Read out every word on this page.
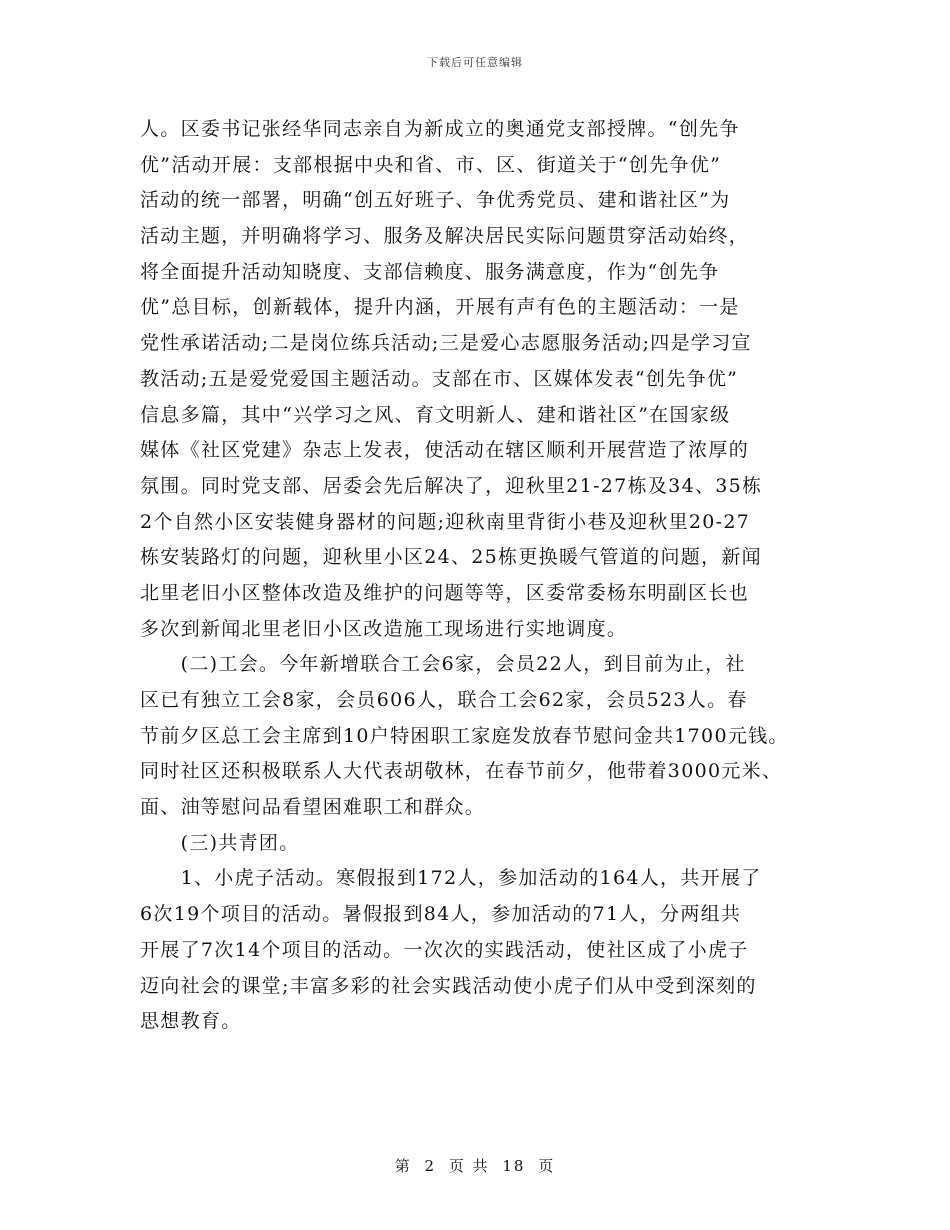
下载后可任意编辑
人。区委书记张经华同志亲自为新成立的奥通党支部授牌。“创先争
优”活动开展：支部根据中央和省、市、区、街道关于“创先争优”
活动的统一部署，明确“创五好班子、争优秀党员、建和谐社区”为
活动主题，并明确将学习、服务及解决居民实际问题贯穿活动始终，
将全面提升活动知晓度、支部信赖度、服务满意度，作为“创先争
优”总目标，创新载体，提升内涵，开展有声有色的主题活动：一是
党性承诺活动;二是岗位练兵活动;三是爱心志愿服务活动;四是学习宣
教活动;五是爱党爱国主题活动。支部在市、区媒体发表“创先争优”
信息多篇，其中“兴学习之风、育文明新人、建和谐社区”在国家级
媒体《社区党建》杂志上发表，使活动在辖区顺利开展营造了浓厚的
氛围。同时党支部、居委会先后解决了，迎秋里21-27栋及34、35栋
2个自然小区安装健身器材的问题;迎秋南里背街小巷及迎秋里20-27
栋安装路灯的问题，迎秋里小区24、25栋更换暖气管道的问题，新闻
北里老旧小区整体改造及维护的问题等等，区委常委杨东明副区长也
多次到新闻北里老旧小区改造施工现场进行实地调度。
　　(二)工会。今年新增联合工会6家，会员22人，到目前为止，社
区已有独立工会8家，会员606人，联合工会62家，会员523人。春
节前夕区总工会主席到10户特困职工家庭发放春节慰问金共1700元钱。
同时社区还积极联系人大代表胡敬林，在春节前夕，他带着3000元米、
面、油等慰问品看望困难职工和群众。
　　(三)共青团。
　　1、小虎子活动。寒假报到172人，参加活动的164人，共开展了
6次19个项目的活动。暑假报到84人，参加活动的71人，分两组共
开展了7次14个项目的活动。一次次的实践活动，使社区成了小虎子
迈向社会的课堂;丰富多彩的社会实践活动使小虎子们从中受到深刻的
思想教育。
第 2 页 共 18 页
